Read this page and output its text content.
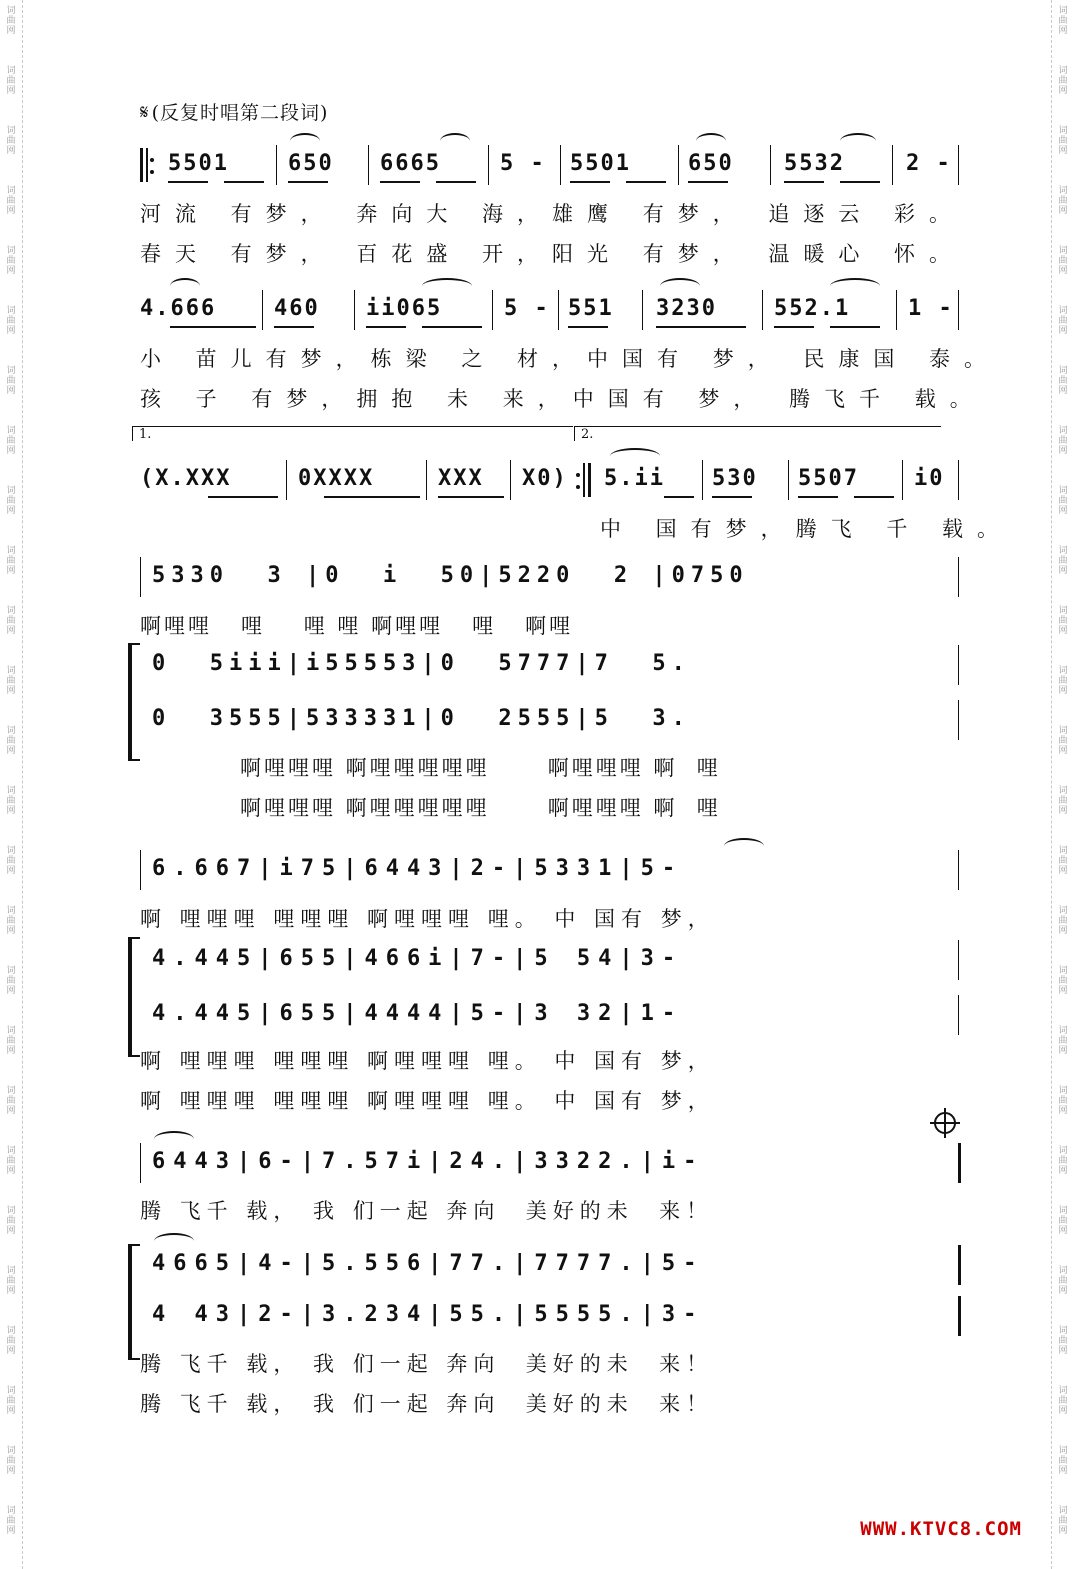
词
曲
网
词
曲
网
词
曲
网
词
曲
网
词
曲
网
词
曲
网
词
曲
网
词
曲
网
词
曲
网
词
曲
网
词
曲
网
词
曲
网
词
曲
网
词
曲
网
词
曲
网
词
曲
网
词
曲
网
词
曲
网
词
曲
网
词
曲
网
词
曲
网
词
曲
网
词
曲
网
词
曲
网
词
曲
网
词
曲
网
词
曲
网
词
曲
网
词
曲
网
词
曲
网
词
曲
网
词
曲
网
词
曲
网
词
曲
网
词
曲
网
词
曲
网
词
曲
网
词
曲
网
词
曲
网
词
曲
网
词
曲
网
词
曲
网
词
曲
网
词
曲
网
词
曲
网
词
曲
网
词
曲
网
词
曲
网
词
曲
网
词
曲
网
词
曲
网
词
曲
网
𝄋 (反复时唱第二段词)
5501	650 6665	5 - 5501	650 5532	2 -
河流 有梦， 奔向大 海，雄鹰 有梦， 追逐云 彩。
春天 有梦， 百花盛 开，阳光 有梦， 温暖心 怀。
4.666	460 ii065	5 - 551 3230	552.1	1 -
小 苗儿有梦，栋梁 之 材，中国有 梦， 民康国 泰。
孩 子 有梦，拥抱 未 来，中国有 梦， 腾飞千 载。
1.	2.
(X.XXX	0XXXX	XXX X0) 5.ii 530 5507	i0
中 国有梦，腾飞 千 载。
5330  3 |0  i  50|5220  2 |0750
啊哩哩   哩    哩 哩 啊哩哩   哩   啊哩
0  5iii|i55553|0  5777|7  5.
0  3555|533331|0  2555|5  3.
啊哩哩哩 啊哩哩哩哩哩      啊哩哩哩 啊  哩
啊哩哩哩 啊哩哩哩哩哩      啊哩哩哩 啊  哩
6.667|i75|6443|2-|5331|5-
啊 哩哩哩 哩哩哩 啊哩哩哩 哩。 中 国有 梦，
4.445|655|466i|7-|5 54|3-
4.445|655|4444|5-|3 32|1-
啊 哩哩哩 哩哩哩 啊哩哩哩 哩。 中 国有 梦，
啊 哩哩哩 哩哩哩 啊哩哩哩 哩。 中 国有 梦，
6443|6-|7.57i|24.|3322.|i-
腾 飞千 载， 我 们一起 奔向  美好的未  来！
4665|4-|5.556|77.|7777.|5-
4 43|2-|3.234|55.|5555.|3-
腾 飞千 载， 我 们一起 奔向  美好的未  来！
腾 飞千 载， 我 们一起 奔向  美好的未  来！
WWW.KTVC8.COM
